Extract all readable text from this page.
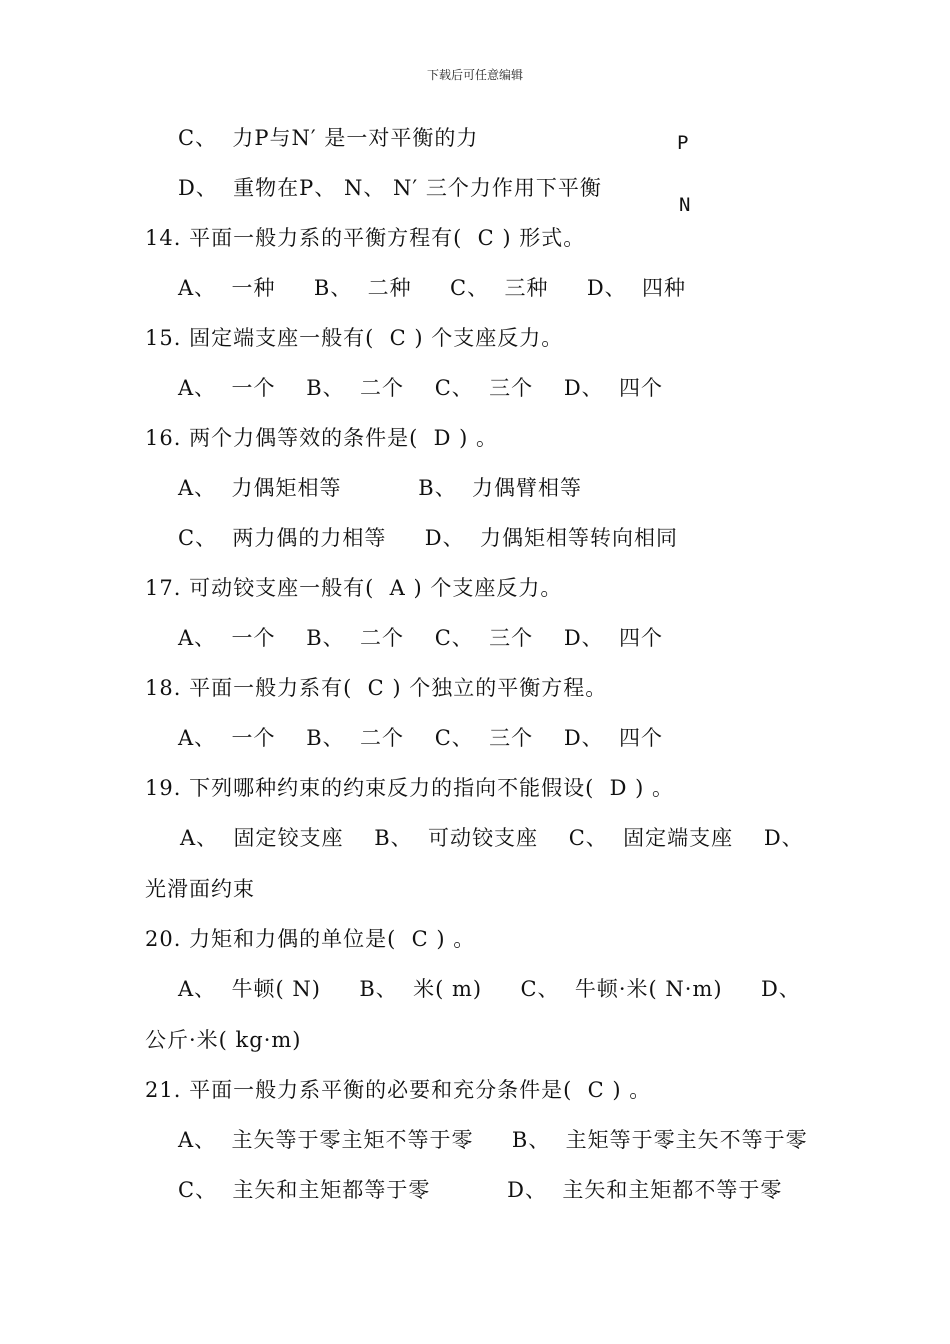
下载后可任意编辑
P
N
C、  力P与N′ 是一对平衡的力
D、  重物在P、 N、 N′ 三个力作用下平衡
14. 平面一般力系的平衡方程有(  C ) 形式。
A、  一种     B、  二种     C、  三种     D、  四种
15. 固定端支座一般有(  C ) 个支座反力。
A、  一个    B、  二个    C、  三个    D、  四个
16. 两个力偶等效的条件是(  D ) 。
A、  力偶矩相等          B、  力偶臂相等
C、  两力偶的力相等     D、  力偶矩相等转向相同
17. 可动铰支座一般有(  A ) 个支座反力。
A、  一个    B、  二个    C、  三个    D、  四个
18. 平面一般力系有(  C ) 个独立的平衡方程。
A、  一个    B、  二个    C、  三个    D、  四个
19. 下列哪种约束的约束反力的指向不能假设(  D ) 。
A、  固定铰支座    B、  可动铰支座    C、  固定端支座    D、
光滑面约束
20. 力矩和力偶的单位是(  C ) 。
A、  牛顿( N)     B、  米( m)     C、  牛顿·米( N·m)     D、
公斤·米( kg·m)
21. 平面一般力系平衡的必要和充分条件是(  C ) 。
A、  主矢等于零主矩不等于零     B、  主矩等于零主矢不等于零
C、  主矢和主矩都等于零          D、  主矢和主矩都不等于零
